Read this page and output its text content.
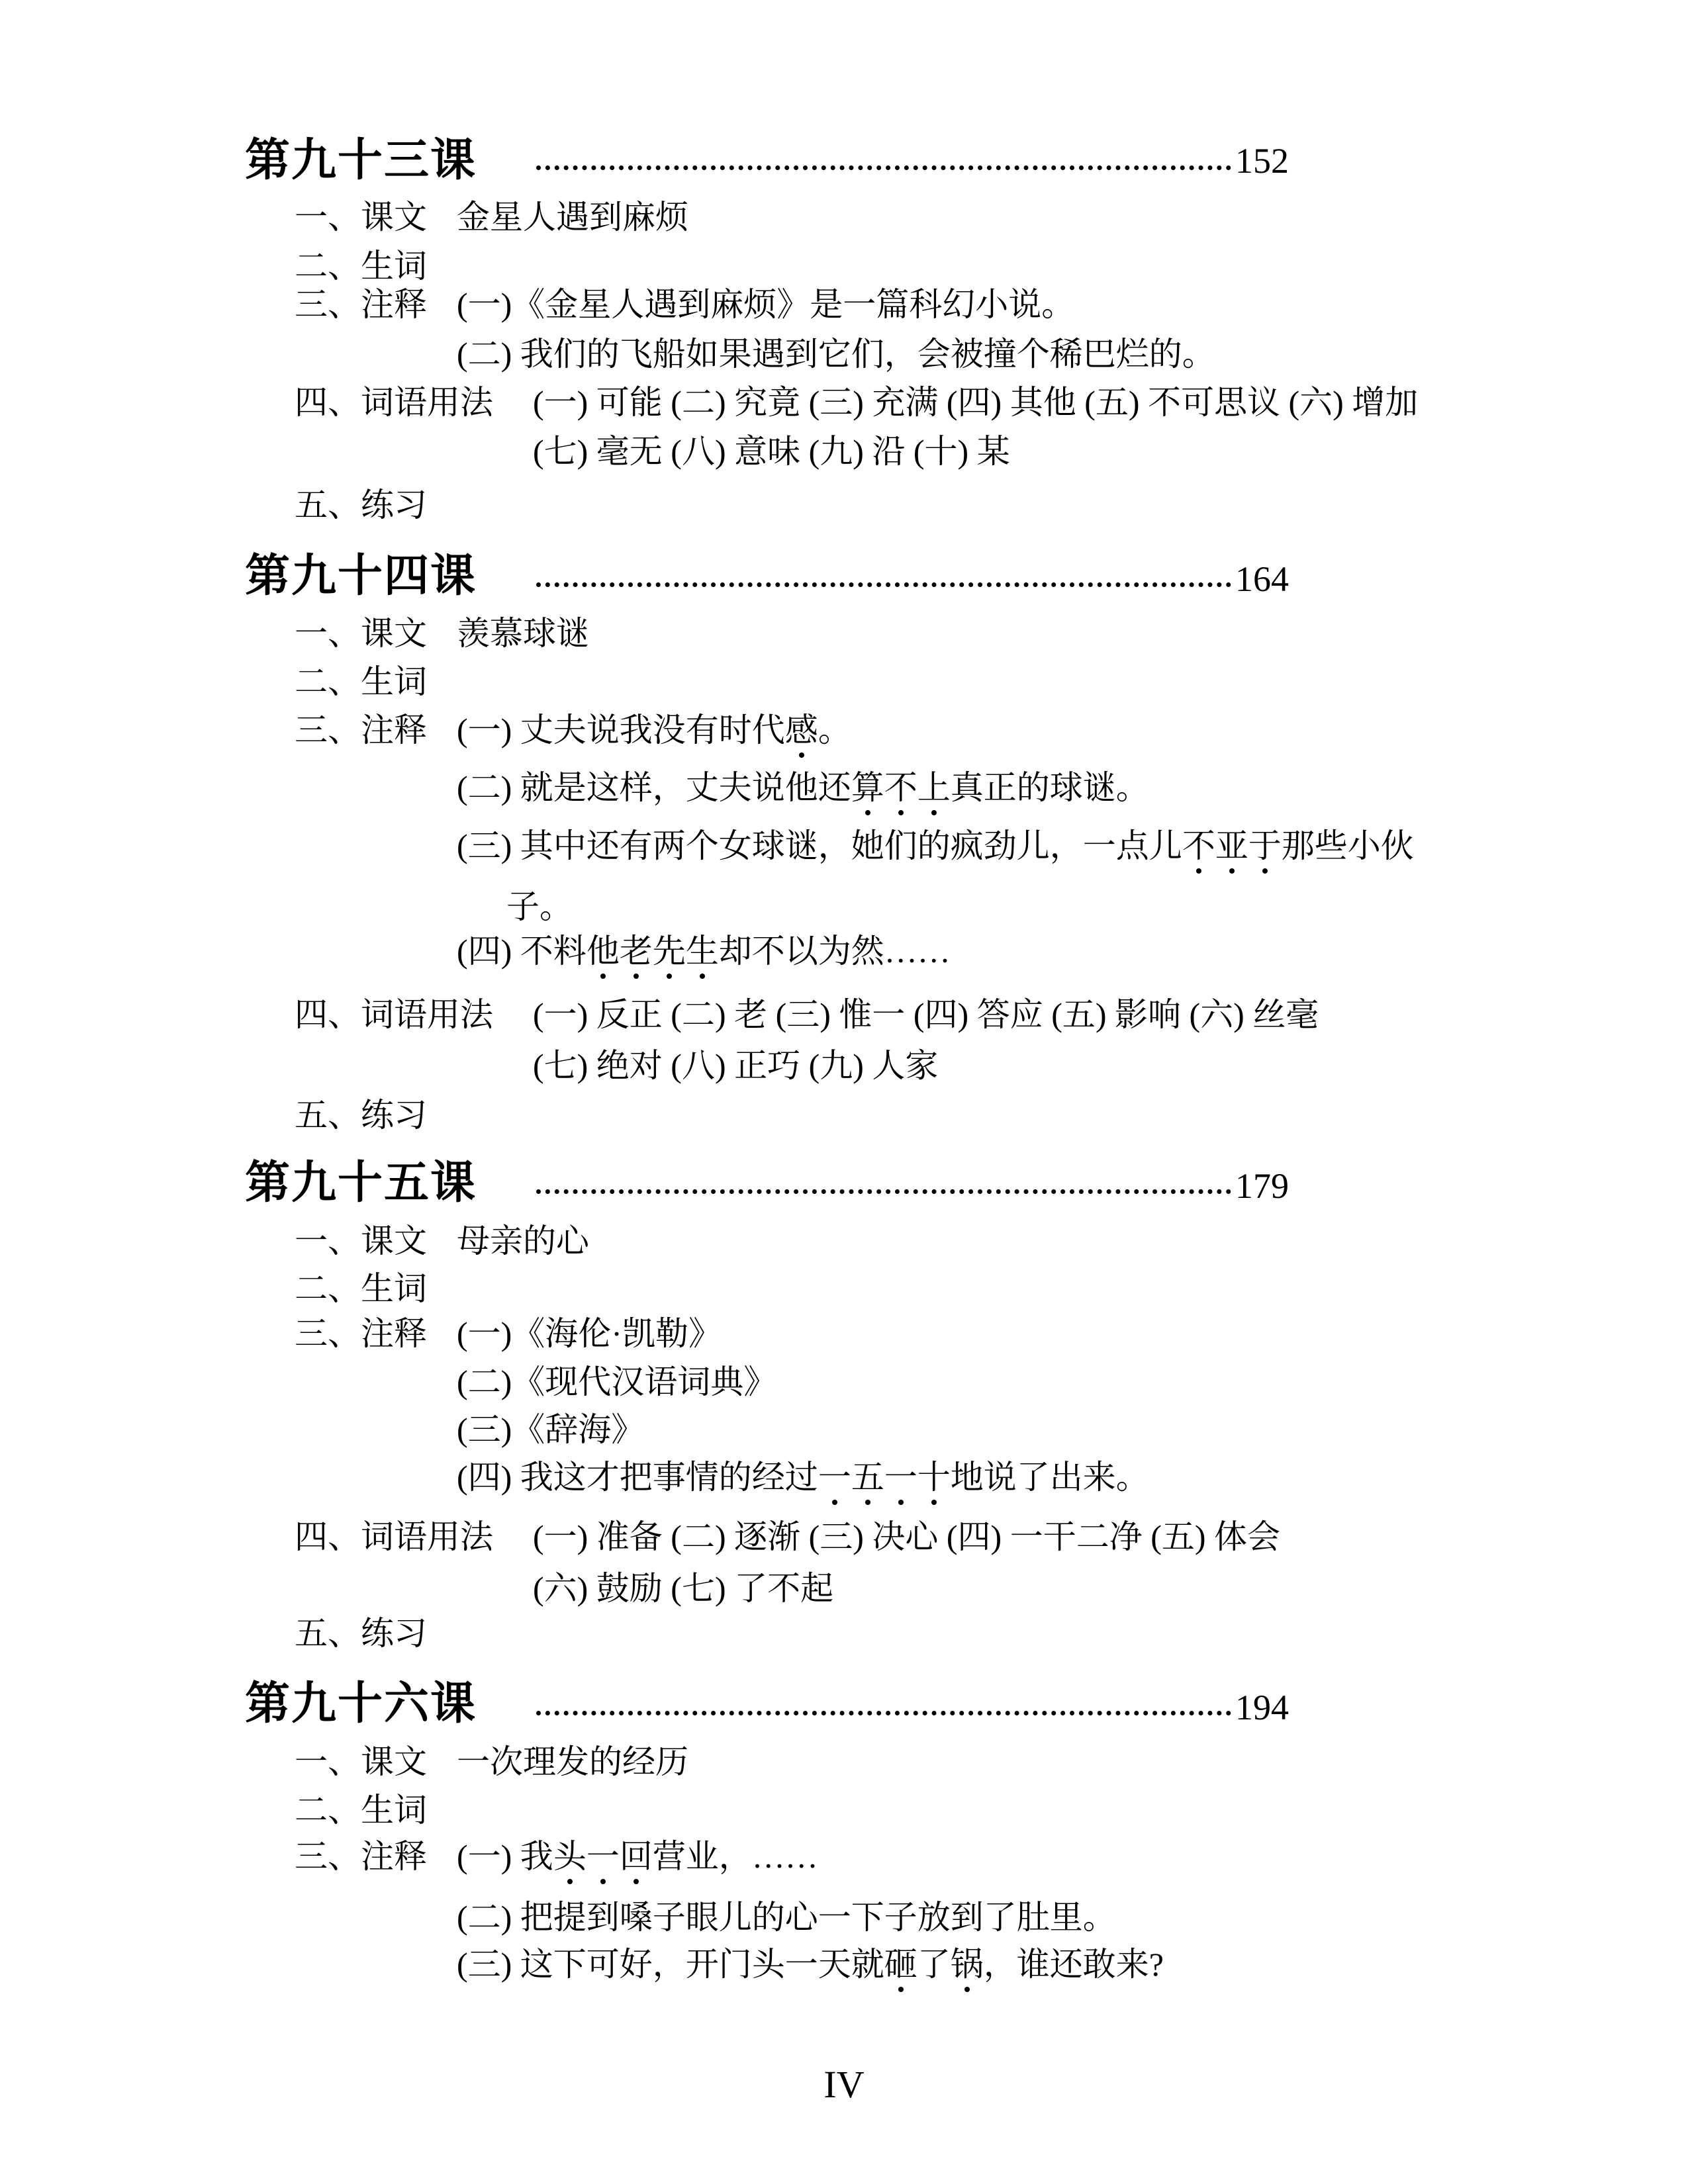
第九十三课	152
一、课文 金星人遇到麻烦
二、生词
三、注释 (一)《金星人遇到麻烦》是一篇科幻小说。
(二) 我们的飞船如果遇到它们，会被撞个稀巴烂的。
四、词语用法 (一) 可能 (二) 究竟 (三) 充满 (四) 其他 (五) 不可思议 (六) 增加
(七) 毫无 (八) 意味 (九) 沿 (十) 某
五、练习
第九十四课	164
一、课文 羡慕球谜
二、生词
三、注释 (一) 丈夫说我没有时代感。
(二) 就是这样，丈夫说他还算不上真正的球谜。
(三) 其中还有两个女球谜，她们的疯劲儿，一点儿不亚于那些小伙
子。
(四) 不料他老先生却不以为然……
四、词语用法 (一) 反正 (二) 老 (三) 惟一 (四) 答应 (五) 影响 (六) 丝毫
(七) 绝对 (八) 正巧 (九) 人家
五、练习
第九十五课	179
一、课文 母亲的心
二、生词
三、注释 (一)《海伦·凯勒》
(二)《现代汉语词典》
(三)《辞海》
(四) 我这才把事情的经过一五一十地说了出来。
四、词语用法 (一) 准备 (二) 逐渐 (三) 决心 (四) 一干二净 (五) 体会
(六) 鼓励 (七) 了不起
五、练习
第九十六课	194
一、课文 一次理发的经历
二、生词
三、注释 (一) 我头一回营业，……
(二) 把提到嗓子眼儿的心一下子放到了肚里。
(三) 这下可好，开门头一天就砸了锅，谁还敢来?
IV
